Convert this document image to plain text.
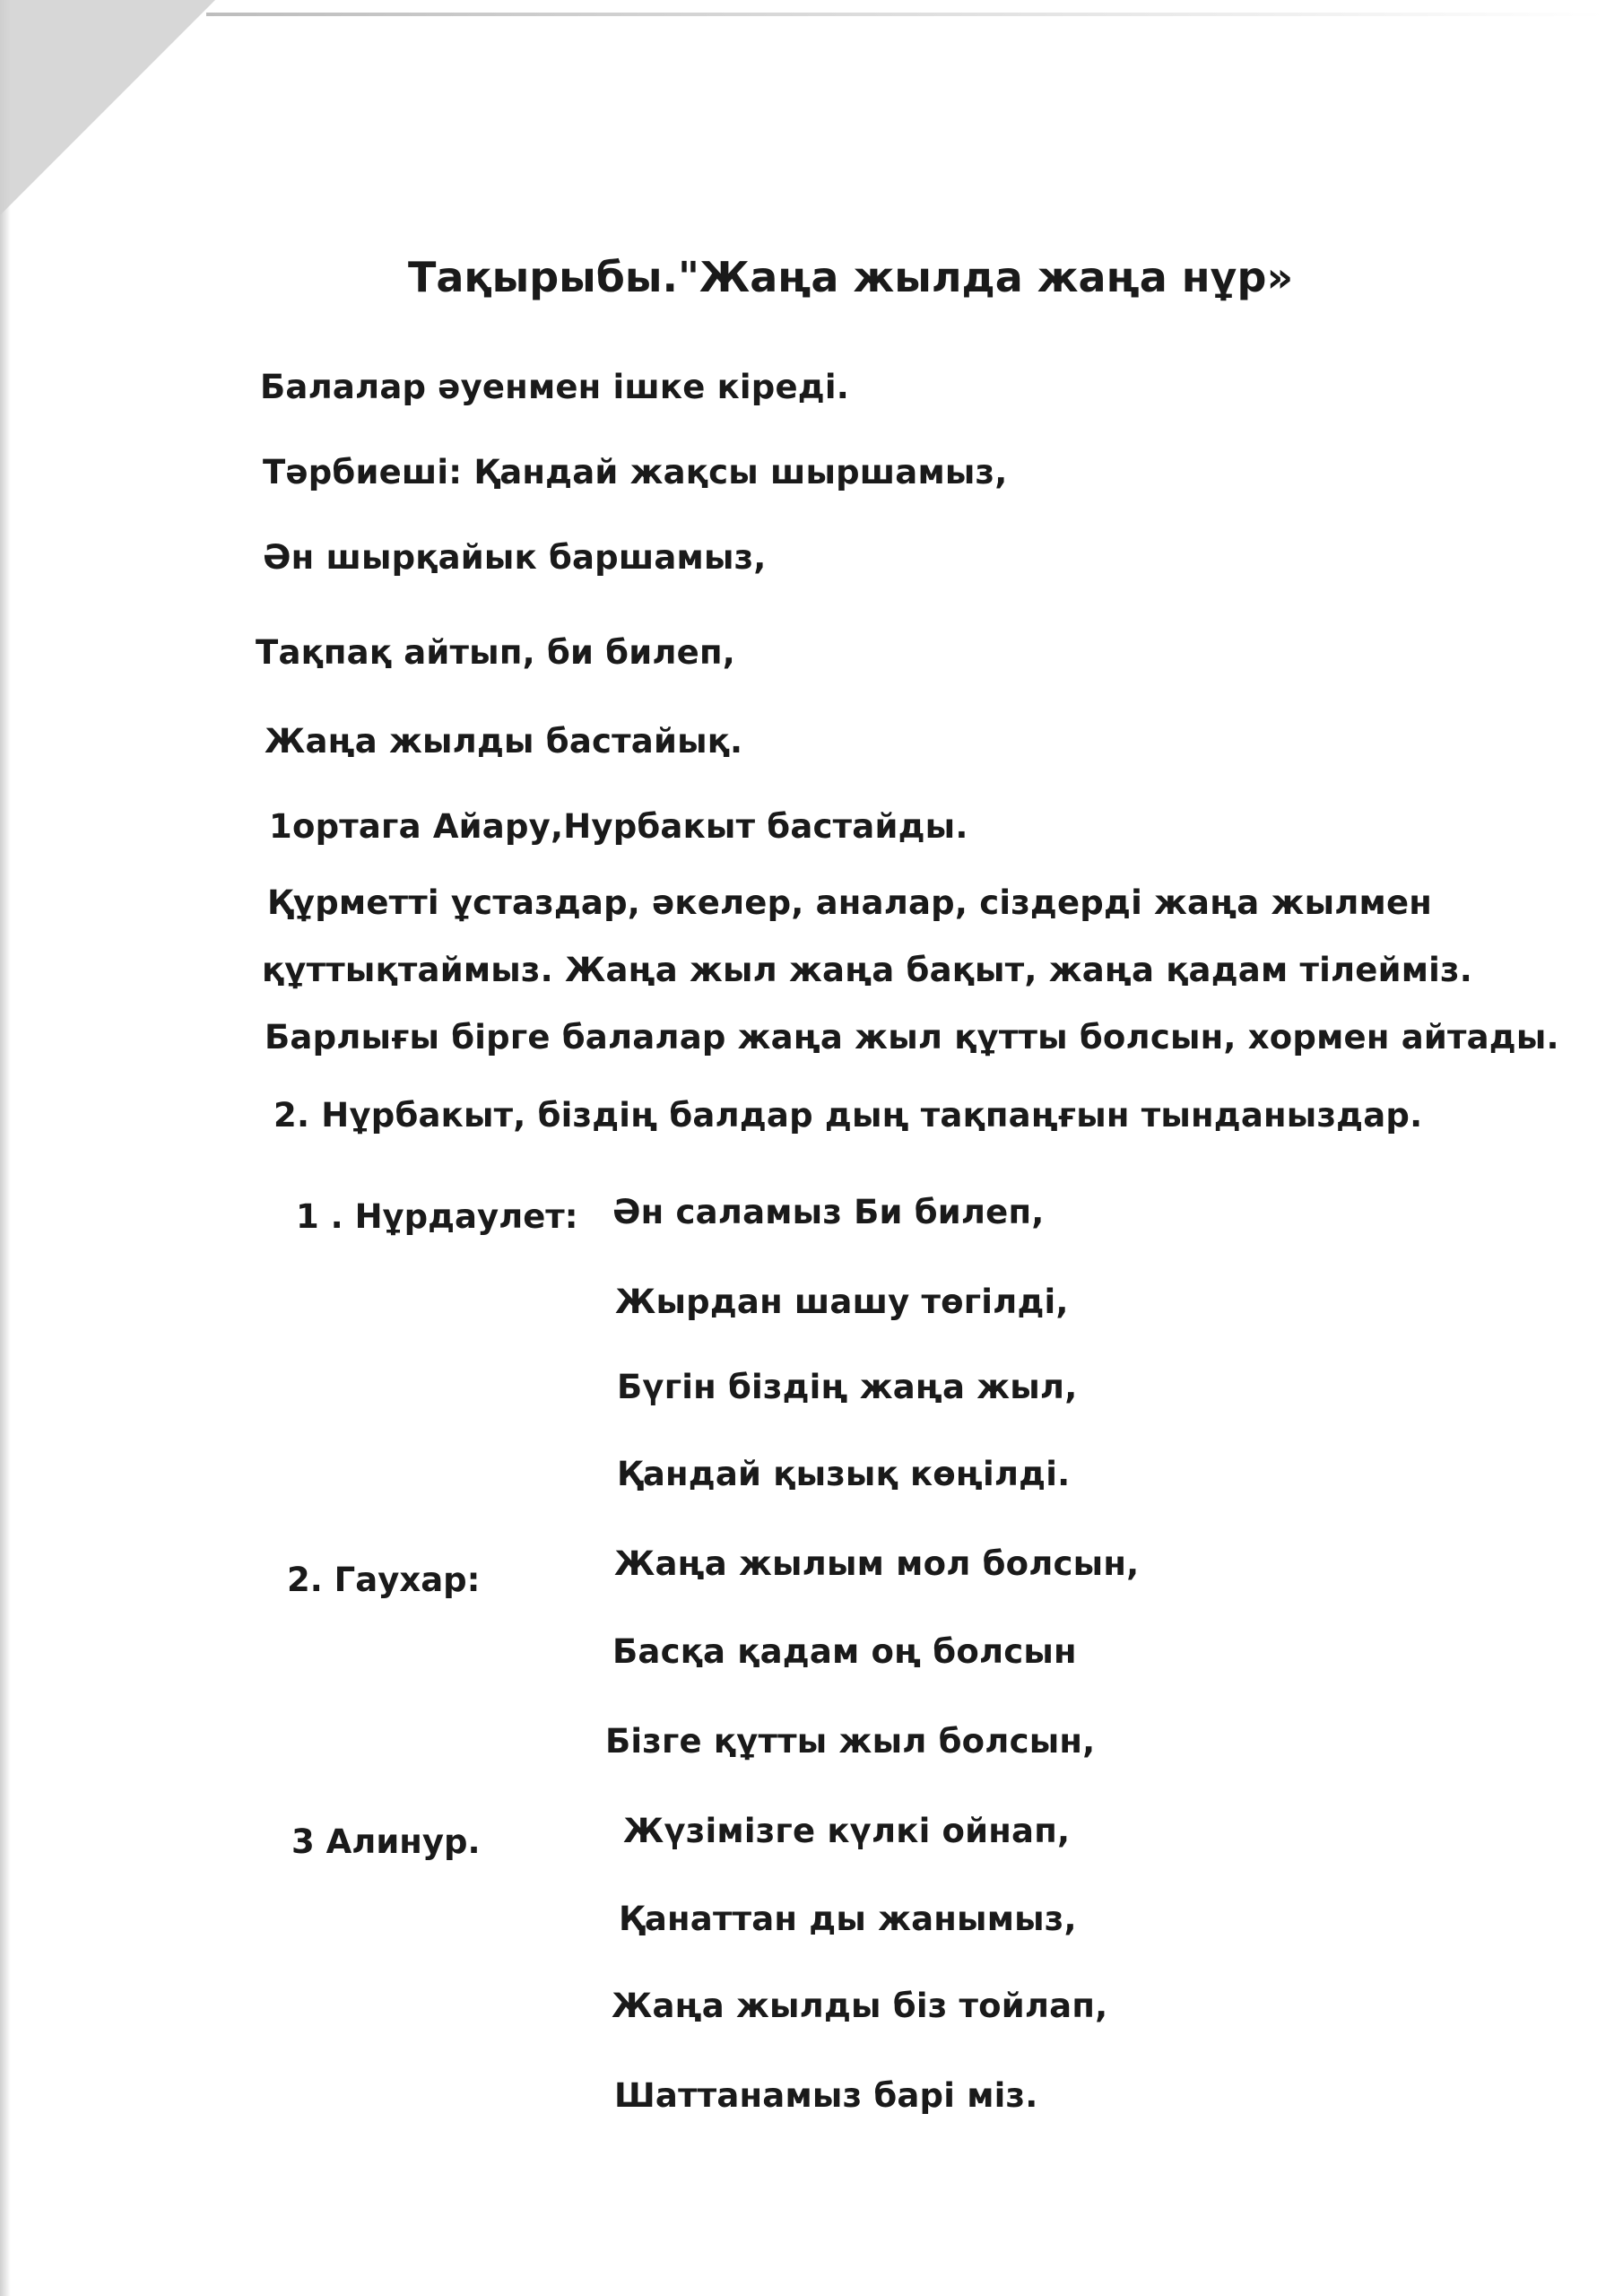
Тақырыбы."Жаңа жылда жаңа нұр»
Балалар әуенмен ішке кіреді.
Тәрбиеші: Қандай жақсы шыршамыз,
Ән шырқайык баршамыз,
Тақпақ айтып, би билеп,
Жаңа жылды бастайық.
1ортага Айару,Нурбакыт бастайды.
Құрметті ұстаздар, әкелер, аналар, сіздерді жаңа жылмен
құттықтаймыз. Жаңа жыл жаңа бақыт, жаңа қадам тілейміз.
Барлығы бірге балалар жаңа жыл құтты болсын, хормен айтады.
2. Нұрбакыт, біздің балдар дың тақпаңғын тынданыздар.
1 . Нұрдаулет: Ән саламыз Би билеп,
Жырдан шашу төгілді,
Бүгін біздің жаңа жыл,
Қандай қызық көңілді.
2. Гаухар:	Жаңа жылым мол болсын,
Басқа қадам оң болсын
Бізге құтты жыл болсын,
3 Алинур.	Жүзімізге күлкі ойнап,
Қанаттан ды жанымыз,
Жаңа жылды біз тойлап,
Шаттанамыз барі міз.
